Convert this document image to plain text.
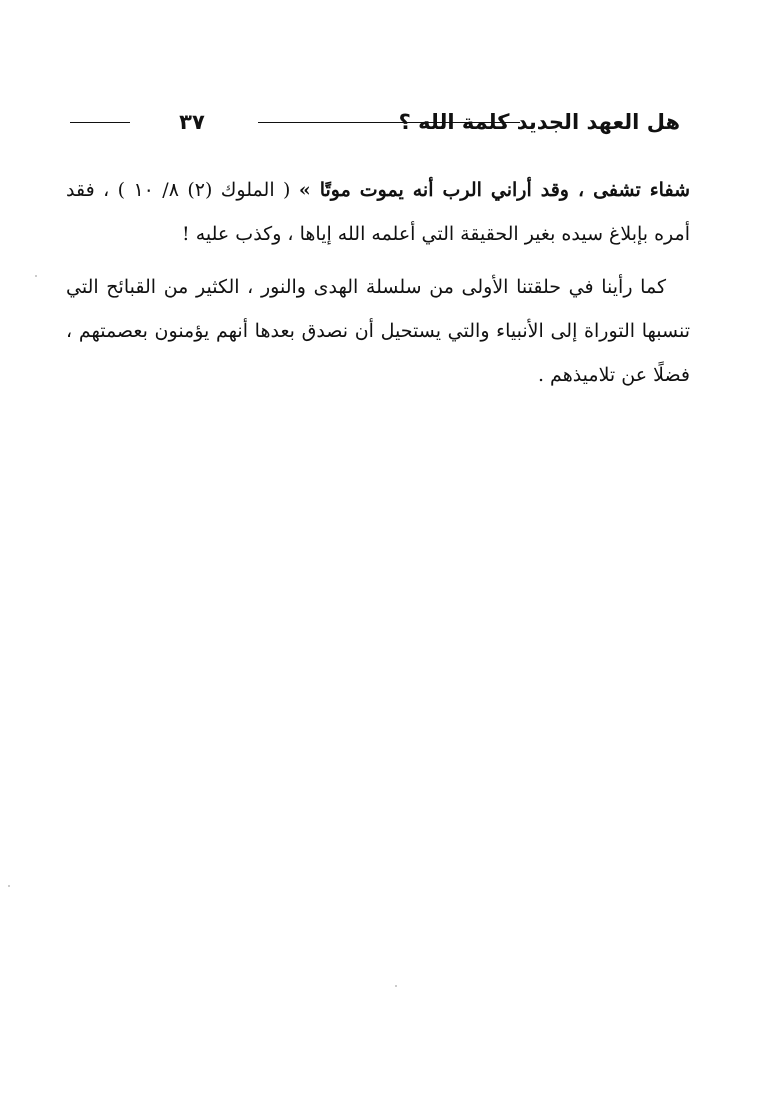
هل العهد الجديد كلمة الله ؟
٣٧
شفاء تشفى ، وقد أراني الرب أنه يموت موتًا » ( الملوك (٢) ٨/ ١٠ ) ، فقد أمره بإبلاغ سيده بغير الحقيقة التي أعلمه الله إياها ، وكذب عليه !
كما رأينا في حلقتنا الأولى من سلسلة الهدى والنور ، الكثير من القبائح التي تنسبها التوراة إلى الأنبياء والتي يستحيل أن نصدق بعدها أنهم يؤمنون بعصمتهم ، فضلًا عن تلاميذهم .
